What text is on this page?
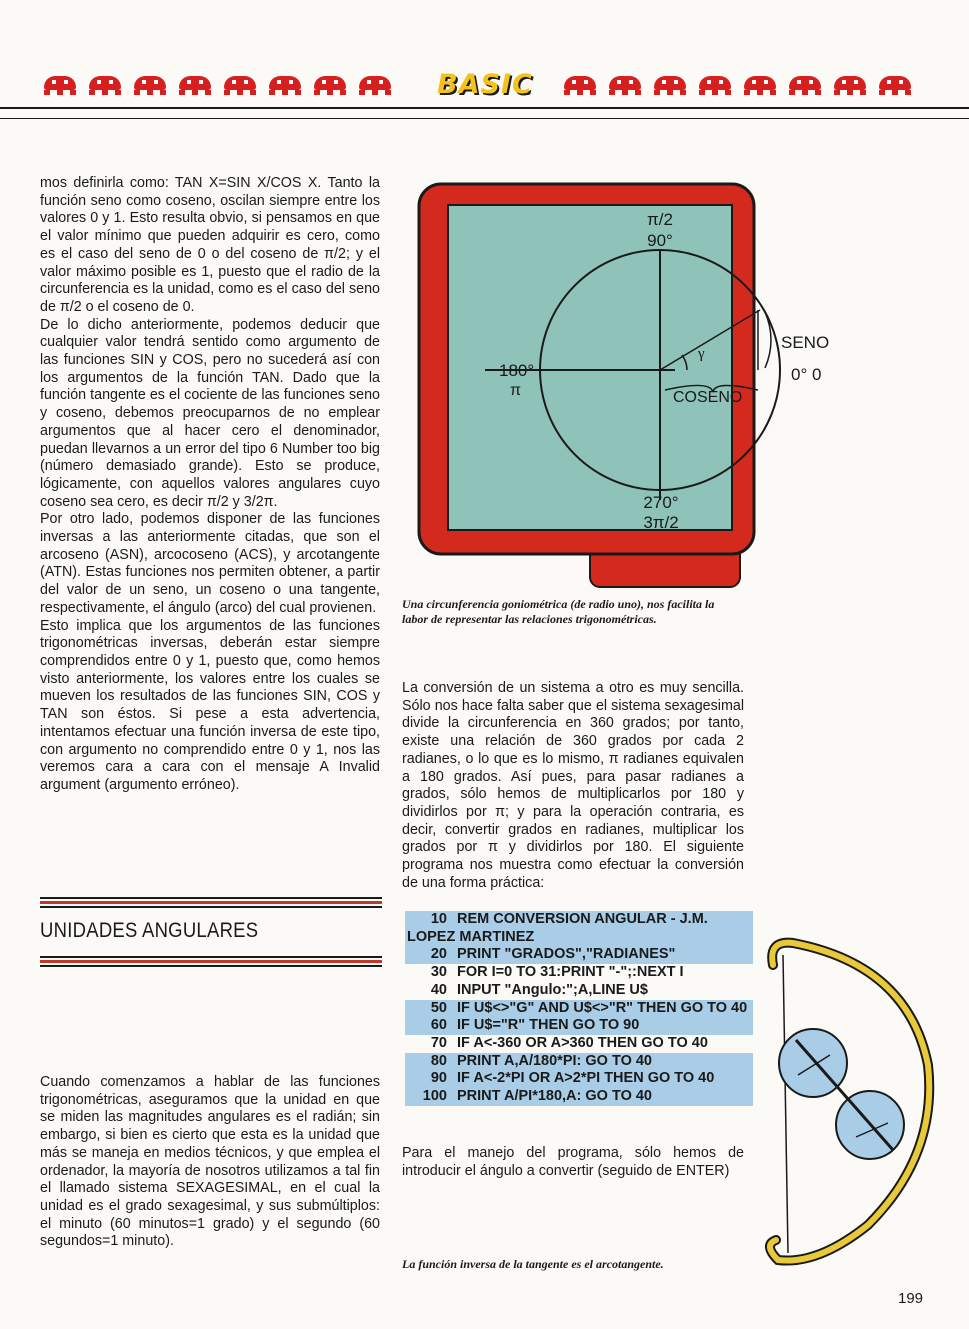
BASIC
mos definirla como: TAN X=SIN X/COS X. Tanto la función seno como coseno, oscilan siempre entre los valores 0 y 1. Esto resulta obvio, si pensamos en que el valor mínimo que pueden adquirir es cero, como es el caso del seno de 0 o del coseno de π/2; y el valor máximo posible es 1, puesto que el radio de la circunferencia es la unidad, como es el caso del seno de π/2 o el coseno de 0.
De lo dicho anteriormente, podemos deducir que cualquier valor tendrá sentido como argumento de las funciones SIN y COS, pero no sucederá así con los argumentos de la función TAN. Dado que la función tangente es el cociente de las funciones seno y coseno, debemos preocuparnos de no emplear argumentos que al hacer cero el denominador, puedan llevarnos a un error del tipo 6 Number too big (número demasiado grande). Esto se produce, lógicamente, con aquellos valores angulares cuyo coseno sea cero, es decir π/2 y 3/2π.
Por otro lado, podemos disponer de las funciones inversas a las anteriormente citadas, que son el arcoseno (ASN), arcocoseno (ACS), y arcotangente (ATN). Estas funciones nos permiten obtener, a partir del valor de un seno, un coseno o una tangente, respectivamente, el ángulo (arco) del cual provienen.
Esto implica que los argumentos de las funciones trigonométricas inversas, deberán estar siempre comprendidos entre 0 y 1, puesto que, como hemos visto anteriormente, los valores entre los cuales se mueven los resultados de las funciones SIN, COS y TAN son éstos. Si pese a esta advertencia, intentamos efectuar una función inversa de este tipo, con argumento no comprendido entre 0 y 1, nos las veremos cara a cara con el mensaje A Invalid argument (argumento erróneo).
UNIDADES ANGULARES
Cuando comenzamos a hablar de las funciones trigonométricas, aseguramos que la unidad en que se miden las magnitudes angulares es el radián; sin embargo, si bien es cierto que esta es la unidad que más se maneja en medios técnicos, y que emplea el ordenador, la mayoría de nosotros utilizamos a tal fin el llamado sistema SEXAGESIMAL, en el cual la unidad es el grado sexagesimal, y sus submúltiplos: el minuto (60 minutos=1 grado) y el segundo (60 segundos=1 minuto).
π/2
90°
180°
π
270°
3π/2
SENO
0° 0
COSENO
γ
Una circunferencia goniométrica (de radio uno), nos facilita la labor de representar las relaciones trigonométricas.
La conversión de un sistema a otro es muy sencilla. Sólo nos hace falta saber que el sistema sexagesimal divide la circunferencia en 360 grados; por tanto, existe una relación de 360 grados por cada 2 radianes, o lo que es lo mismo, π radianes equivalen a 180 grados. Así pues, para pasar radianes a grados, sólo hemos de multiplicarlos por 180 y dividirlos por π; y para la operación contraria, es decir, convertir grados en radianes, multiplicar los grados por π y dividirlos por 180. El siguiente programa nos muestra como efectuar la conversión de una forma práctica:
10 REM CONVERSION ANGULAR - J.M. LOPEZ MARTINEZ
20 PRINT "GRADOS","RADIANES"
30 FOR I=0 TO 31:PRINT "-";:NEXT I
40 INPUT "Angulo:";A,LINE U$
50 IF U$<>"G" AND U$<>"R" THEN GO TO 40
60 IF U$="R" THEN GO TO 90
70 IF A<-360 OR A>360 THEN GO TO 40
80 PRINT A,A/180*PI: GO TO 40
90 IF A<-2*PI OR A>2*PI THEN GO TO 40
100 PRINT A/PI*180,A: GO TO 40
Para el manejo del programa, sólo hemos de introducir el ángulo a convertir (seguido de ENTER)
La función inversa de la tangente es el arcotangente.
199
